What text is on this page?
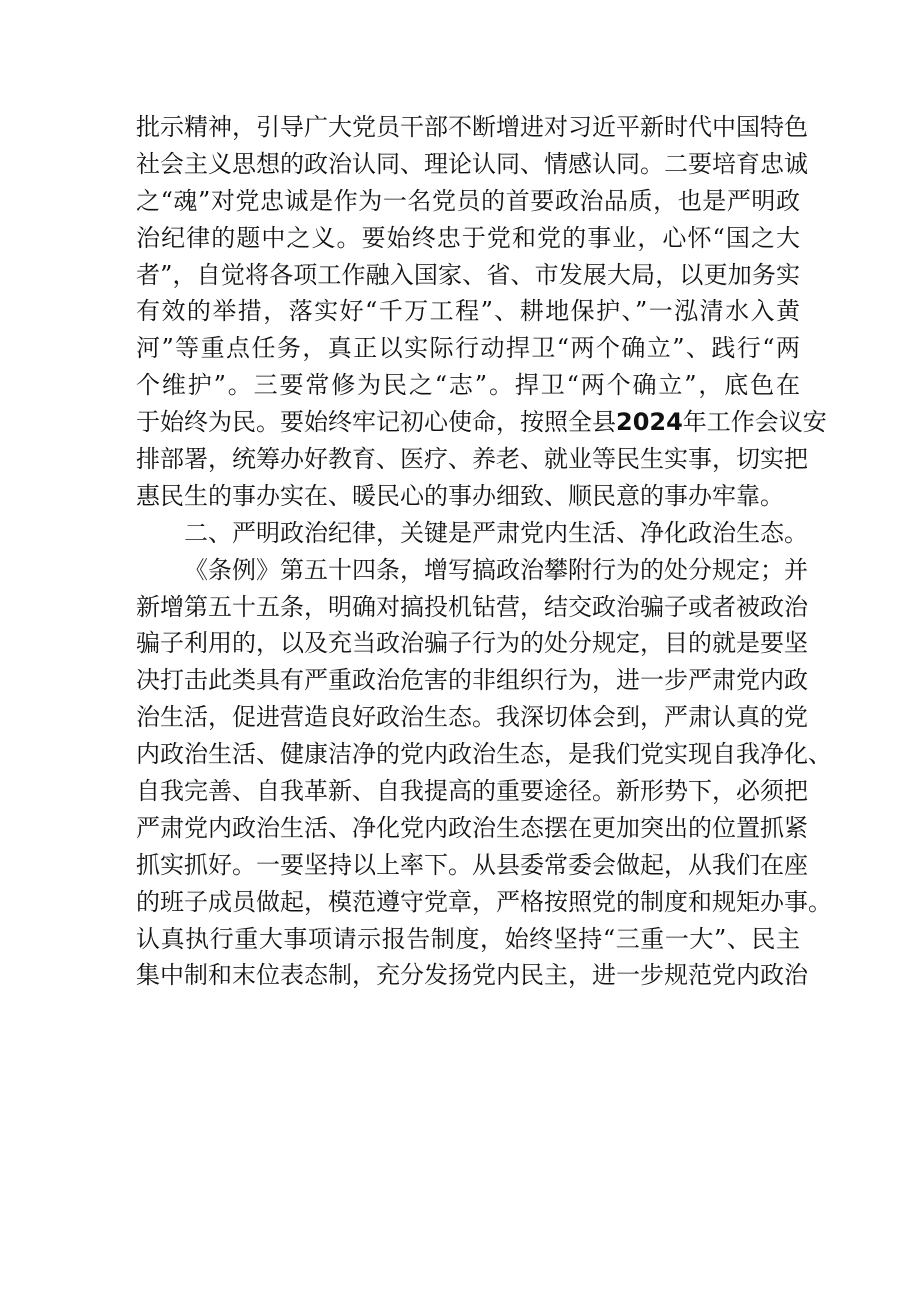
批示精神，引导广大党员干部不断增进对习近平新时代中国特色
社会主义思想的政治认同、理论认同、情感认同。二要培育忠诚
之“魂”对党忠诚是作为一名党员的首要政治品质，也是严明政
治纪律的题中之义。要始终忠于党和党的事业，心怀“国之大
者”，自觉将各项工作融入国家、省、市发展大局，以更加务实
有效的举措，落实好“千万工程”、耕地保护、”一泓清水入黄
河”等重点任务，真正以实际行动捍卫“两个确立”、践行“两
个维护”。三要常修为民之“志”。捍卫“两个确立”，底色在
于始终为民。要始终牢记初心使命，按照全县2024年工作会议安
排部署，统筹办好教育、医疗、养老、就业等民生实事，切实把
惠民生的事办实在、暖民心的事办细致、顺民意的事办牢靠。
二、严明政治纪律，关键是严肃党内生活、净化政治生态。
《条例》第五十四条，增写搞政治攀附行为的处分规定；并
新增第五十五条，明确对搞投机钻营，结交政治骗子或者被政治
骗子利用的，以及充当政治骗子行为的处分规定，目的就是要坚
决打击此类具有严重政治危害的非组织行为，进一步严肃党内政
治生活，促进营造良好政治生态。我深切体会到，严肃认真的党
内政治生活、健康洁净的党内政治生态，是我们党实现自我净化、
自我完善、自我革新、自我提高的重要途径。新形势下，必须把
严肃党内政治生活、净化党内政治生态摆在更加突出的位置抓紧
抓实抓好。一要坚持以上率下。从县委常委会做起，从我们在座
的班子成员做起，模范遵守党章，严格按照党的制度和规矩办事。
认真执行重大事项请示报告制度，始终坚持“三重一大”、民主
集中制和末位表态制，充分发扬党内民主，进一步规范党内政治
